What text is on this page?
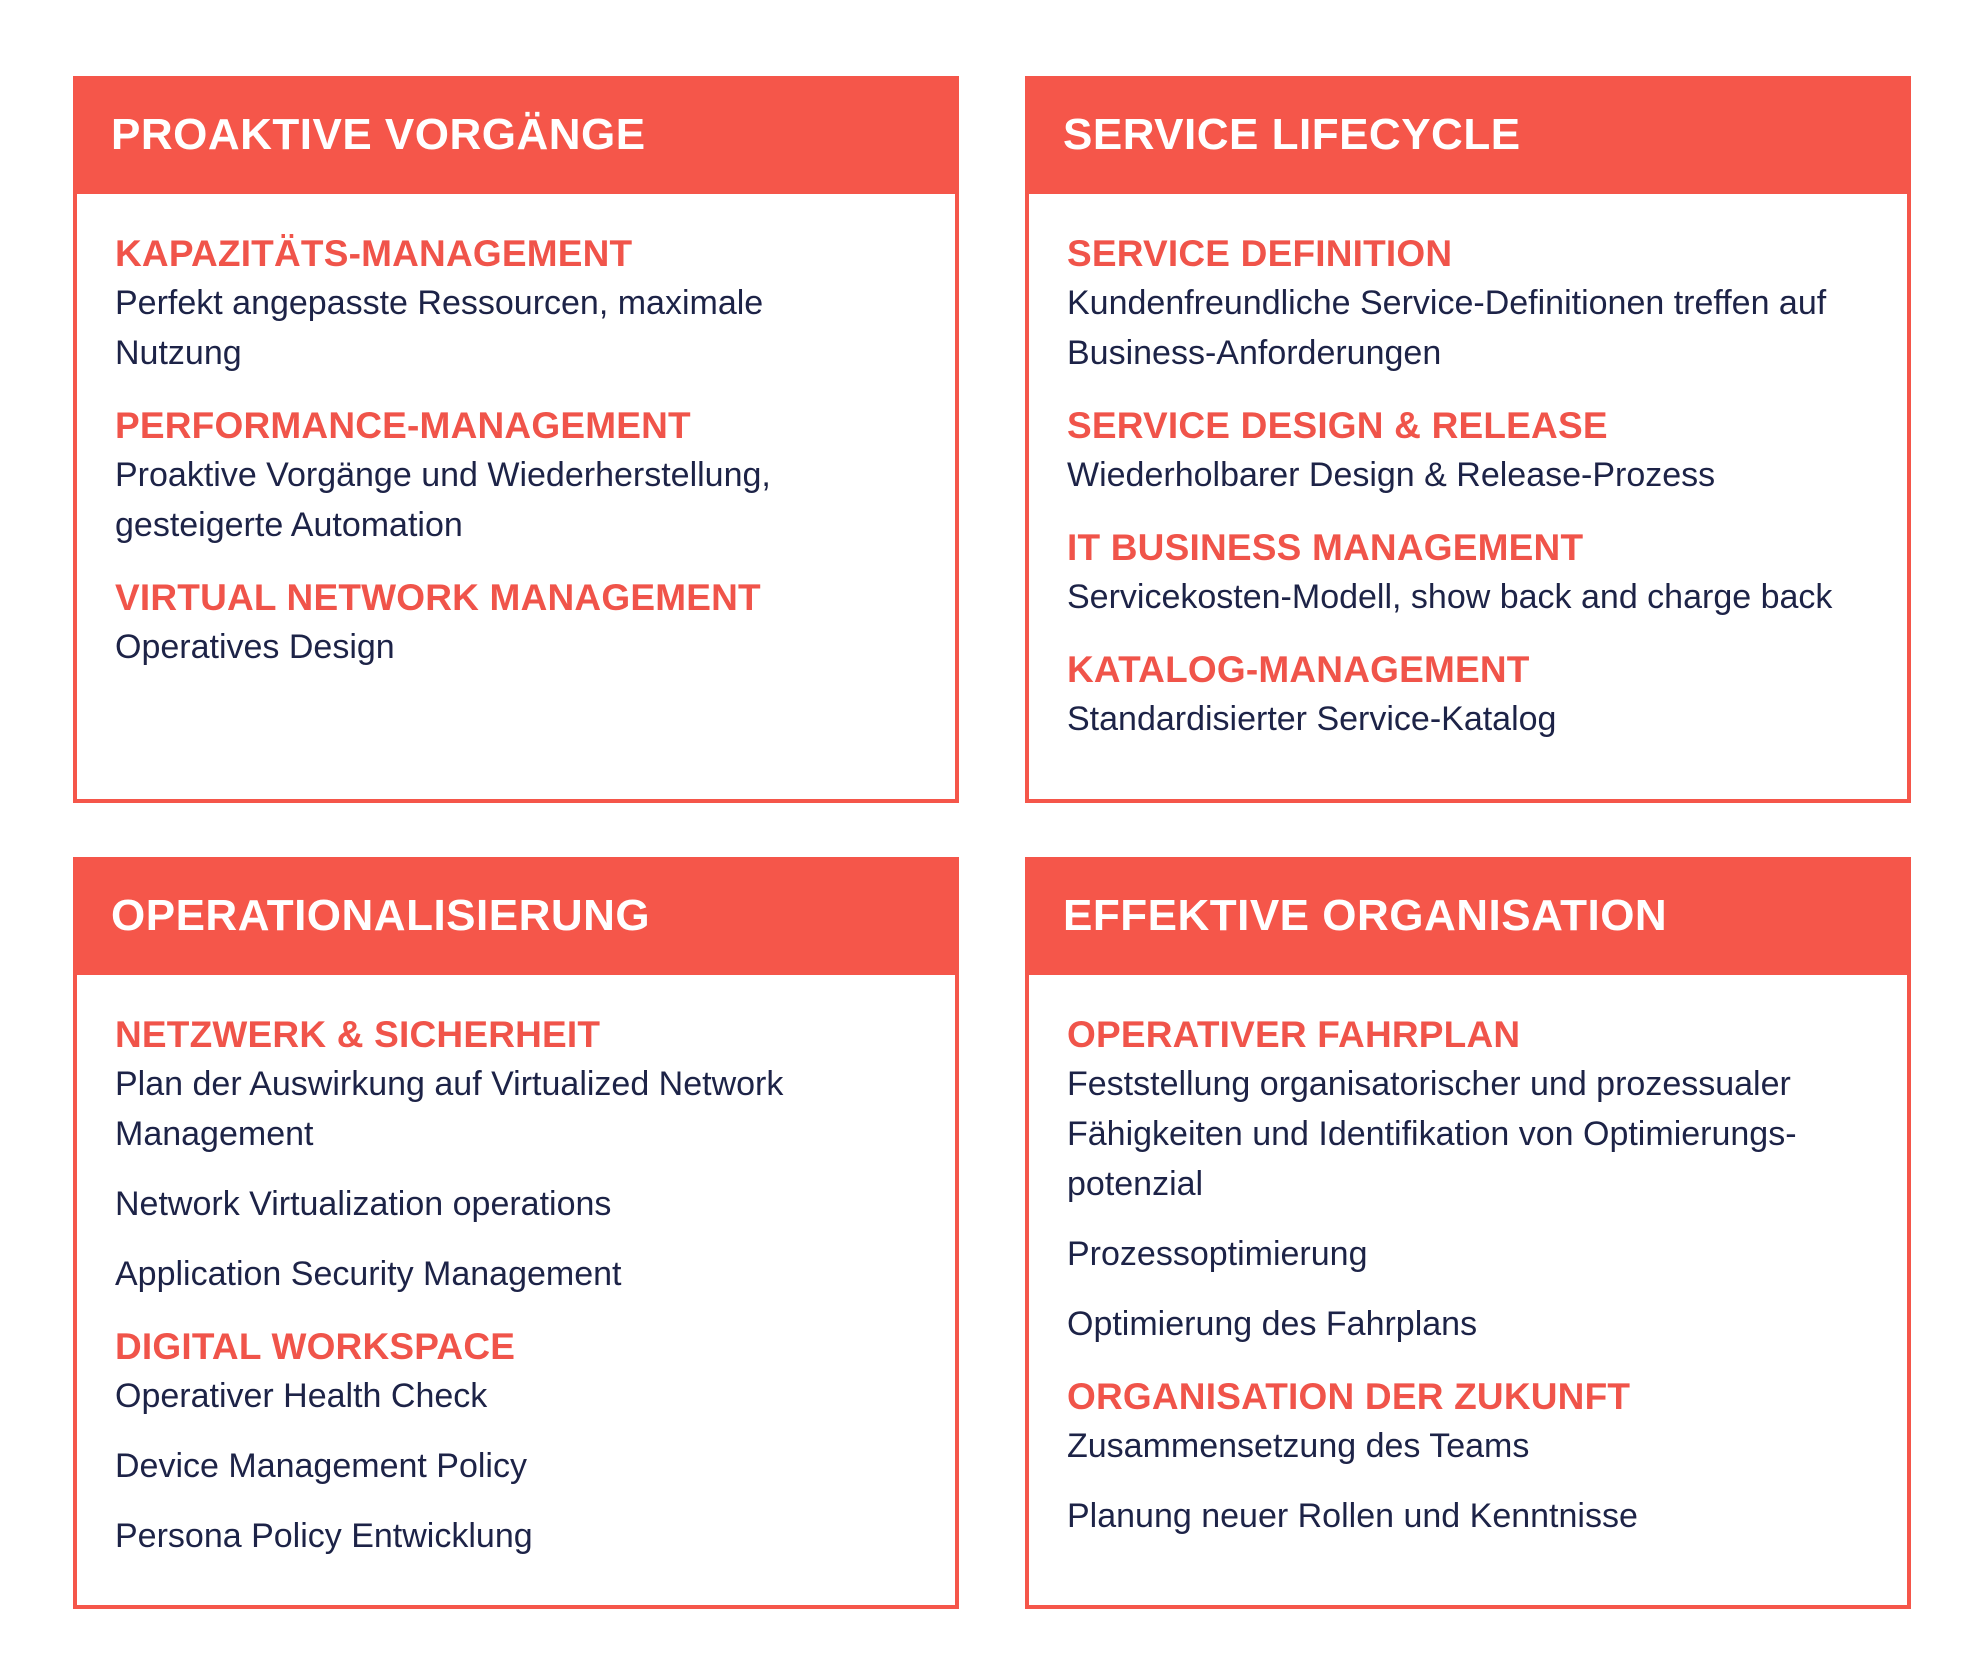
PROAKTIVE VORGÄNGE
KAPAZITÄTS-MANAGEMENT
Perfekt angepasste Ressourcen, maximale Nutzung
PERFORMANCE-MANAGEMENT
Proaktive Vorgänge und Wiederherstellung, gesteigerte Automation
VIRTUAL NETWORK MANAGEMENT
Operatives Design
SERVICE LIFECYCLE
SERVICE DEFINITION
Kundenfreundliche Service-Definitionen treffen auf Business-Anforderungen
SERVICE DESIGN & RELEASE
Wiederholbarer Design & Release-Prozess
IT BUSINESS MANAGEMENT
Servicekosten-Modell, show back and charge back
KATALOG-MANAGEMENT
Standardisierter Service-Katalog
OPERATIONALISIERUNG
NETZWERK & SICHERHEIT
Plan der Auswirkung auf Virtualized Network Management
Network Virtualization operations
Application Security Management
DIGITAL WORKSPACE
Operativer Health Check
Device Management Policy
Persona Policy Entwicklung
EFFEKTIVE ORGANISATION
OPERATIVER FAHRPLAN
Feststellung organisatorischer und prozessualer Fähigkeiten und Identifikation von Optimierungs-potenzial
Prozessoptimierung
Optimierung des Fahrplans
ORGANISATION DER ZUKUNFT
Zusammensetzung des Teams
Planung neuer Rollen und Kenntnisse
